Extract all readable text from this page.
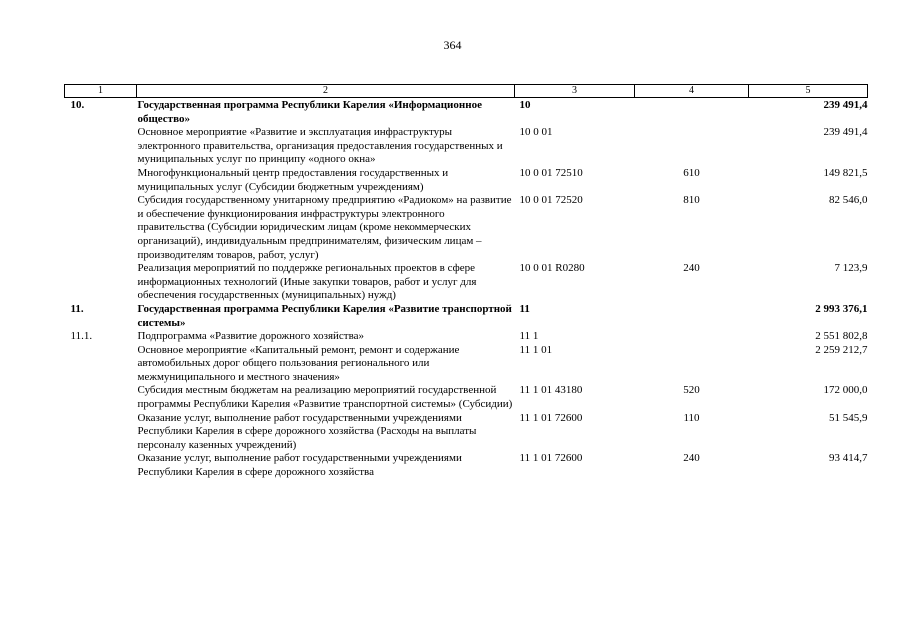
364
1	2	3	4	5
10.	Государственная программа Республики Карелия «Информационное общество»	10		239 491,4
	Основное мероприятие «Развитие и эксплуатация инфраструктуры электронного правительства, организация предоставления государственных и муниципальных услуг по принципу «одного окна»	10 0 01		239 491,4
	Многофункциональный центр предоставления государственных и муниципальных услуг (Субсидии бюджетным учреждениям)	10 0 01 72510	610	149 821,5
	Субсидия государственному унитарному предприятию «Радиоком» на развитие и обеспечение функционирования инфраструктуры электронного правительства (Субсидии юридическим лицам (кроме некоммерческих организаций), индивидуальным предпринимателям, физическим лицам – производителям товаров, работ, услуг)	10 0 01 72520	810	82 546,0
	Реализация мероприятий по поддержке региональных проектов в сфере информационных технологий (Иные закупки товаров, работ и услуг для обеспечения государственных (муниципальных) нужд)	10 0 01 R0280	240	7 123,9
11.	Государственная программа Республики Карелия «Развитие транспортной системы»	11		2 993 376,1
11.1.	Подпрограмма «Развитие дорожного хозяйства»	11 1		2 551 802,8
	Основное мероприятие «Капитальный ремонт, ремонт и содержание автомобильных дорог общего пользования регионального или межмуниципального и местного значения»	11 1 01		2 259 212,7
	Субсидия местным бюджетам на реализацию мероприятий государственной программы Республики Карелия «Развитие транспортной системы» (Субсидии)	11 1 01 43180	520	172 000,0
	Оказание услуг, выполнение работ государственными учреждениями Республики Карелия в сфере дорожного хозяйства (Расходы на выплаты персоналу казенных учреждений)	11 1 01 72600	110	51 545,9
	Оказание услуг, выполнение работ государственными учреждениями Республики Карелия в сфере дорожного хозяйства	11 1 01 72600	240	93 414,7
